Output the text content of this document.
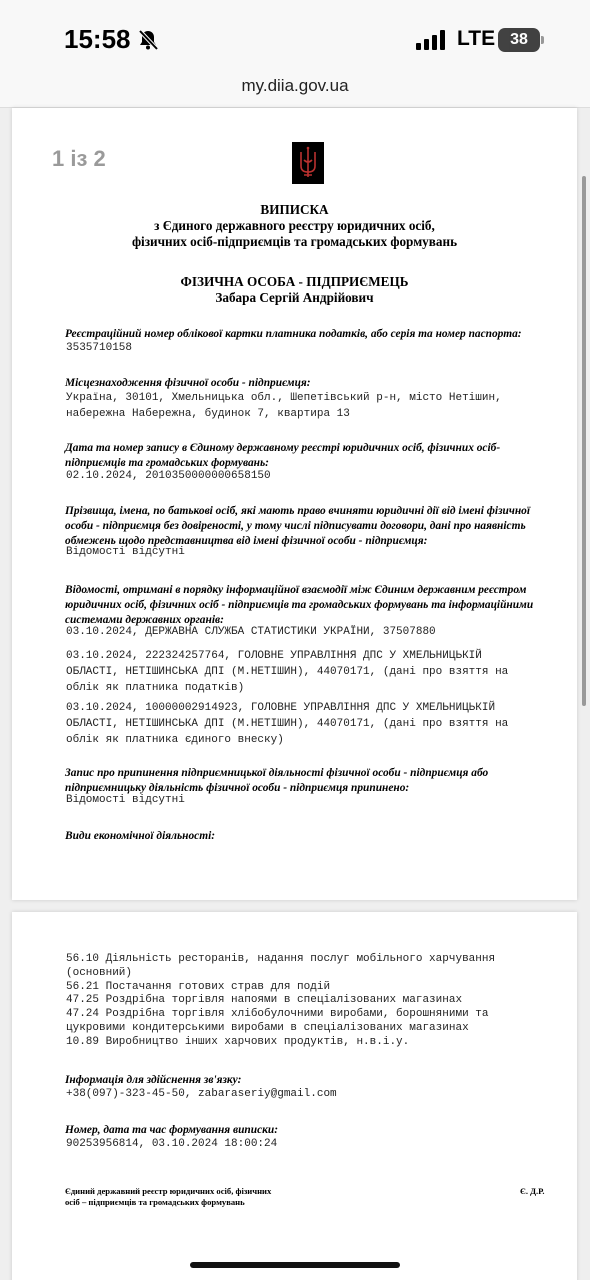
15:58	LTE 38
my.diia.gov.ua
1 із 2
ВИПИСКА
з Єдиного державного реєстру юридичних осіб,
фізичних осіб-підприємців та громадських формувань
ФІЗИЧНА ОСОБА - ПІДПРИЄМЕЦЬ
Забара Сергій Андрійович
Реєстраційний номер облікової картки платника податків, або серія та номер паспорта:
3535710158
Місцезнаходження фізичної особи - підприємця:
Україна, 30101, Хмельницька обл., Шепетівський р-н, місто Нетішин,
набережна Набережна, будинок 7, квартира 13
Дата та номер запису в Єдиному державному реєстрі юридичних осіб, фізичних осіб-підприємців та громадських формувань:
02.10.2024, 2010350000000658150
Прізвища, імена, по батькові осіб, які мають право вчиняти юридичні дії від імені фізичної особи - підприємця без довіреності, у тому числі підписувати договори, дані про наявність обмежень щодо представництва від імені фізичної особи - підприємця:
Відомості відсутні
Відомості, отримані в порядку інформаційної взаємодії між Єдиним державним реєстром юридичних осіб, фізичних осіб - підприємців та громадських формувань та інформаційними системами державних органів:
03.10.2024, ДЕРЖАВНА СЛУЖБА СТАТИСТИКИ УКРАЇНИ, 37507880
03.10.2024, 222324257764, ГОЛОВНЕ УПРАВЛІННЯ ДПС У ХМЕЛЬНИЦЬКІЙ
ОБЛАСТІ, НЕТІШИНСЬКА ДПІ (М.НЕТІШИН), 44070171, (дані про взяття на
облік як платника податків)
03.10.2024, 10000002914923, ГОЛОВНЕ УПРАВЛІННЯ ДПС У ХМЕЛЬНИЦЬКІЙ
ОБЛАСТІ, НЕТІШИНСЬКА ДПІ (М.НЕТІШИН), 44070171, (дані про взяття на
облік як платника єдиного внеску)
Запис про припинення підприємницької діяльності фізичної особи - підприємця або підприємницьку діяльність фізичної особи - підприємця припинено:
Відомості відсутні
Види економічної діяльності:
56.10 Діяльність ресторанів, надання послуг мобільного харчування
(основний)
56.21 Постачання готових страв для подій
47.25 Роздрібна торгівля напоями в спеціалізованих магазинах
47.24 Роздрібна торгівля хлібобулочними виробами, борошняними та
цукровими кондитерськими виробами в спеціалізованих магазинах
10.89 Виробництво інших харчових продуктів, н.в.і.у.
Інформація для здійснення зв'язку:
+38(097)-323-45-50, zabaraseriy@gmail.com
Номер, дата та час формування виписки:
90253956814, 03.10.2024 18:00:24
Єдиний державний реєстр юридичних осіб, фізичних
осіб – підприємців та громадських формувань
Є. Д.Р.
